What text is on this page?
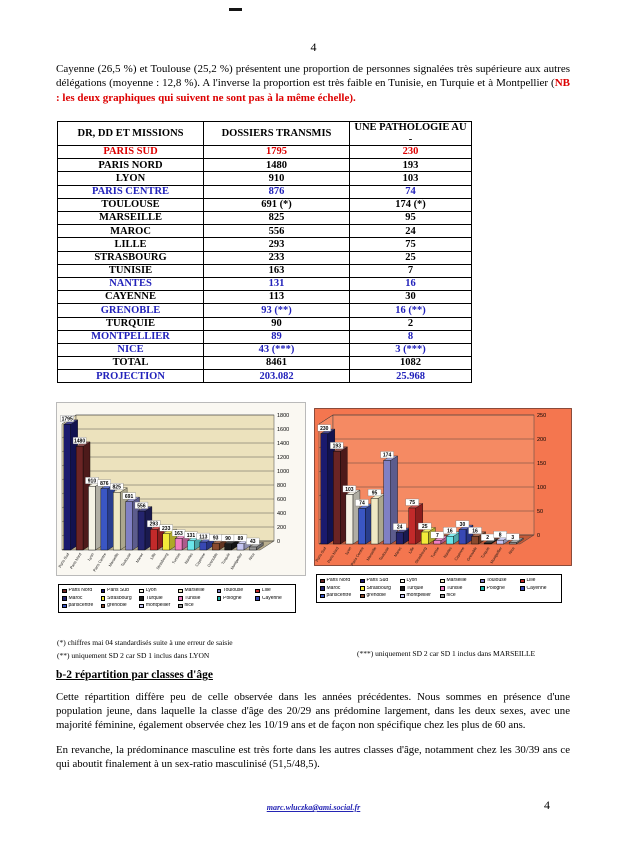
4

Cayenne (26,5 %) et Toulouse (25,2 %) présentent une proportion de personnes signalées très supérieure aux autres délégations (moyenne : 12,8 %). A l'inverse la proportion est très faible en Tunisie, en Turquie et à Montpellier (NB : les deux graphiques qui suivent ne sont pas à la même échelle).

DR, DD ET MISSIONS	DOSSIERS TRANSMIS	UNE PATHOLOGIE AU -
PARIS SUD	1795	230
PARIS NORD	1480	193
LYON	910	103
PARIS CENTRE	876	74
TOULOUSE	691 (*)	174 (*)
MARSEILLE	825	95
MAROC	556	24
LILLE	293	75
STRASBOURG	233	25
TUNISIE	163	7
NANTES	131	16
CAYENNE	113	30
GRENOBLE	93 (**)	16 (**)
TURQUIE	90	2
MONTPELLIER	89	8
NICE	43 (***)	3 (***)
TOTAL	8461	1082
PROJECTION	203.082	25.968
0
200
400
600
800
1000
1200
1400
1600
1800
1795
Paris Sud
1480
Paris Nord
910
Lyon
876
Paris Centre
825
Marseille
691
Toulouse
556
Maroc
293
Lille
233
Strasbourg
163
Tunisie
131
Nantes
113
Cayenne
93
Grenoble
90
Turquie
89
Montpellier
43
Nice
Paris Nord	Paris Sud	Lyon	Marseille	Toulouse	Lille
Maroc	Strasbourg	Turquie	Tunisie	Pologne	Cayenne
pariscentre	grenoble	montpellier	nice
0
50
100
150
200
250
230
Paris Sud
193
Paris Nord
103
Lyon
74
Paris Centre
95
Marseille
174
Toulouse
24
Maroc
75
Lille
25
Strasbourg
7
Tunisie
16
Nantes
30
Cayenne
16
Grenoble
2
Turquie
8
Montpellier
3
Nice
Paris Nord	Paris Sud	Lyon	Marseille	Toulouse	Lille
Maroc	Strasbourg	Turquie	Tunisie	Pologne	Cayenne
pariscentre	grenoble	montpellier	nice
(*) chiffres mai 04 standardisés suite à une erreur de saisie
(**) uniquement SD 2 car SD 1 inclus dans LYON	(***) uniquement SD 2 car SD 1 inclus dans MARSEILLE
b-2 répartition par classes d'âge

Cette répartition diffère peu de celle observée dans les années précédentes. Nous sommes en présence d'une population jeune, dans laquelle la classe d'âge des 20/29 ans prédomine largement, dans les deux sexes, avec une majorité féminine, également observée chez les 10/19 ans et de façon non spécifique chez les plus de 60 ans.

En revanche, la prédominance masculine est très forte dans les autres classes d'âge, notamment chez les 30/39 ans ce qui aboutit finalement à un sex-ratio masculinisé (51,5/48,5).

marc.wluczka@ami.social.fr	4
